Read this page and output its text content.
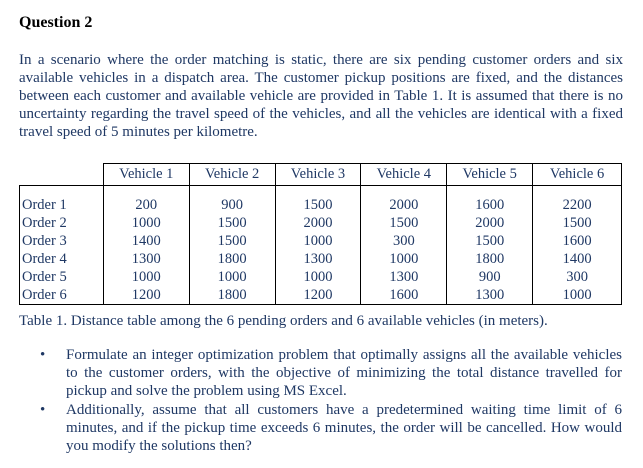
Question 2

In a scenario where the order matching is static, there are six pending customer orders and six available vehicles in a dispatch area. The customer pickup positions are fixed, and the distances between each customer and available vehicle are provided in Table 1. It is assumed that there is no uncertainty regarding the travel speed of the vehicles, and all the vehicles are identical with a fixed travel speed of 5 minutes per kilometre.

	Vehicle 1	Vehicle 2	Vehicle 3	Vehicle 4	Vehicle 5	Vehicle 6
Order 1	200	900	1500	2000	1600	2200
Order 2	1000	1500	2000	1500	2000	1500
Order 3	1400	1500	1000	300	1500	1600
Order 4	1300	1800	1300	1000	1800	1400
Order 5	1000	1000	1000	1300	900	300
Order 6	1200	1800	1200	1600	1300	1000

Table 1. Distance table among the 6 pending orders and 6 available vehicles (in meters).

• Formulate an integer optimization problem that optimally assigns all the available vehicles to the customer orders, with the objective of minimizing the total distance travelled for pickup and solve the problem using MS Excel.
• Additionally, assume that all customers have a predetermined waiting time limit of 6 minutes, and if the pickup time exceeds 6 minutes, the order will be cancelled. How would you modify the solutions then?
